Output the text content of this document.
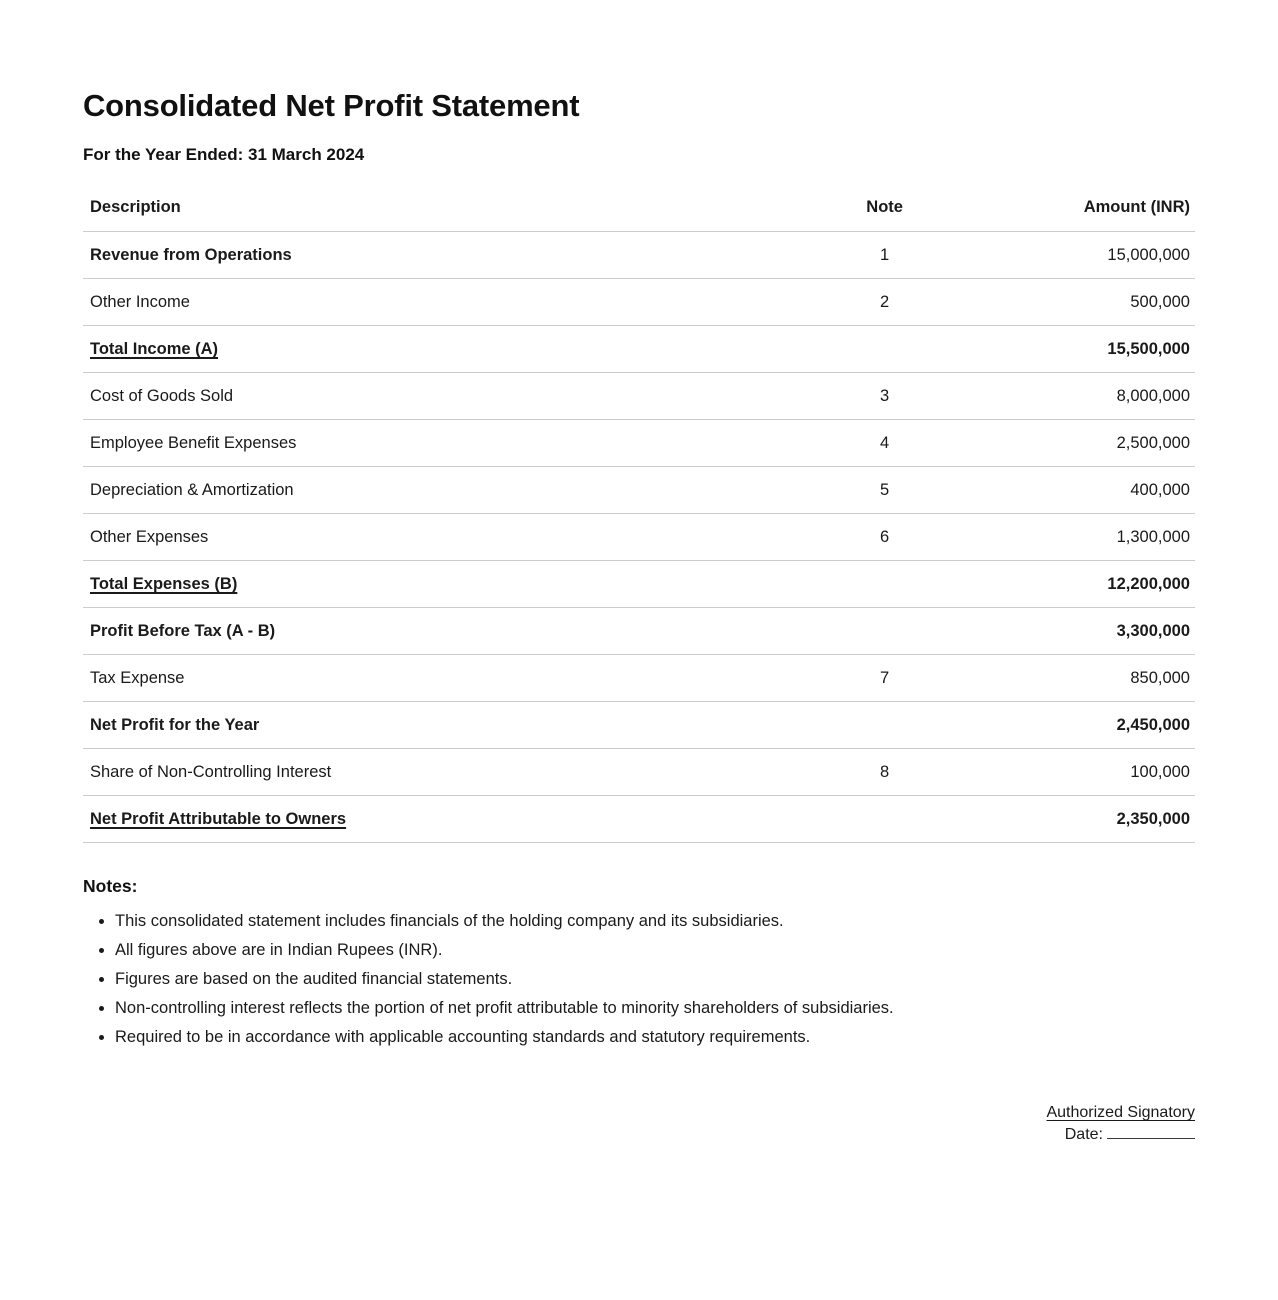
Consolidated Net Profit Statement
For the Year Ended: 31 March 2024
Description	Note	Amount (INR)
Revenue from Operations	1	15,000,000
Other Income	2	500,000
Total Income (A)		15,500,000
Cost of Goods Sold	3	8,000,000
Employee Benefit Expenses	4	2,500,000
Depreciation & Amortization	5	400,000
Other Expenses	6	1,300,000
Total Expenses (B)		12,200,000
Profit Before Tax (A - B)		3,300,000
Tax Expense	7	850,000
Net Profit for the Year		2,450,000
Share of Non-Controlling Interest	8	100,000
Net Profit Attributable to Owners		2,350,000
Notes:
• This consolidated statement includes financials of the holding company and its subsidiaries.
• All figures above are in Indian Rupees (INR).
• Figures are based on the audited financial statements.
• Non-controlling interest reflects the portion of net profit attributable to minority shareholders of subsidiaries.
• Required to be in accordance with applicable accounting standards and statutory requirements.
Authorized Signatory
Date:
